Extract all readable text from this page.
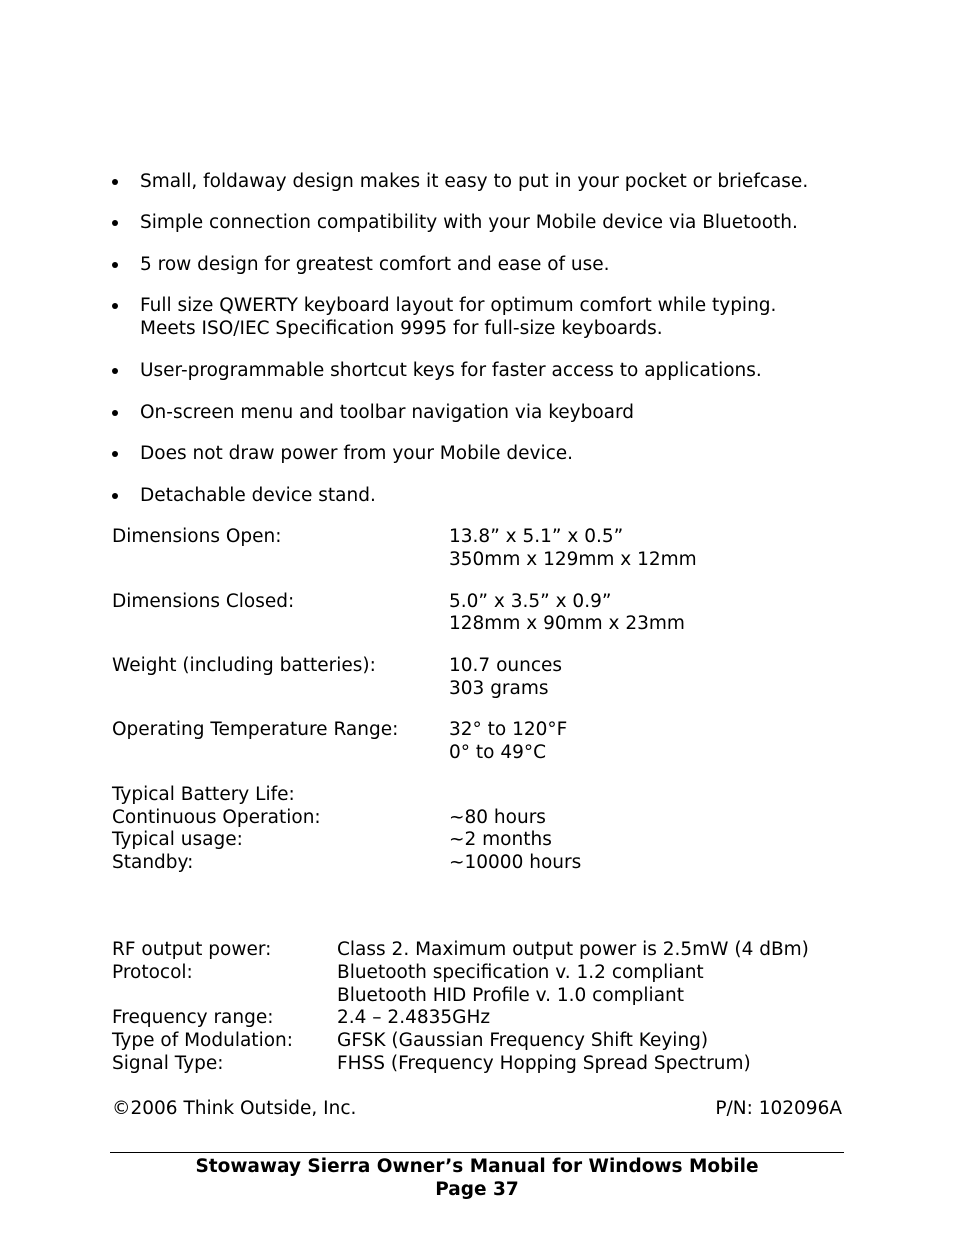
Small, foldaway design makes it easy to put in your pocket or briefcase.
Simple connection compatibility with your Mobile device via Bluetooth.
5 row design for greatest comfort and ease of use.
Full size QWERTY keyboard layout for optimum comfort while typing.
Meets ISO/IEC Specification 9995 for full-size keyboards.
User-programmable shortcut keys for faster access to applications.
On-screen menu and toolbar navigation via keyboard
Does not draw power from your Mobile device.
Detachable device stand.
Dimensions Open:	13.8” x 5.1” x 0.5”
350mm x 129mm x 12mm
Dimensions Closed:	5.0” x 3.5” x 0.9”
128mm x 90mm x 23mm
Weight (including batteries):	10.7 ounces
303 grams
Operating Temperature Range:	32° to 120°F
0° to 49°C
Typical Battery Life:
Continuous Operation:	~80 hours
Typical usage:	~2 months
Standby:	~10000 hours
RF output power:	Class 2. Maximum output power is 2.5mW (4 dBm)
Protocol:	Bluetooth specification v. 1.2 compliant
Bluetooth HID Profile v. 1.0 compliant
Frequency range:	2.4 – 2.4835GHz
Type of Modulation: GFSK (Gaussian Frequency Shift Keying)
Signal Type:	FHSS (Frequency Hopping Spread Spectrum)
©2006 Think Outside, Inc.	P/N: 102096A
Stowaway Sierra Owner’s Manual for Windows Mobile
Page 37
